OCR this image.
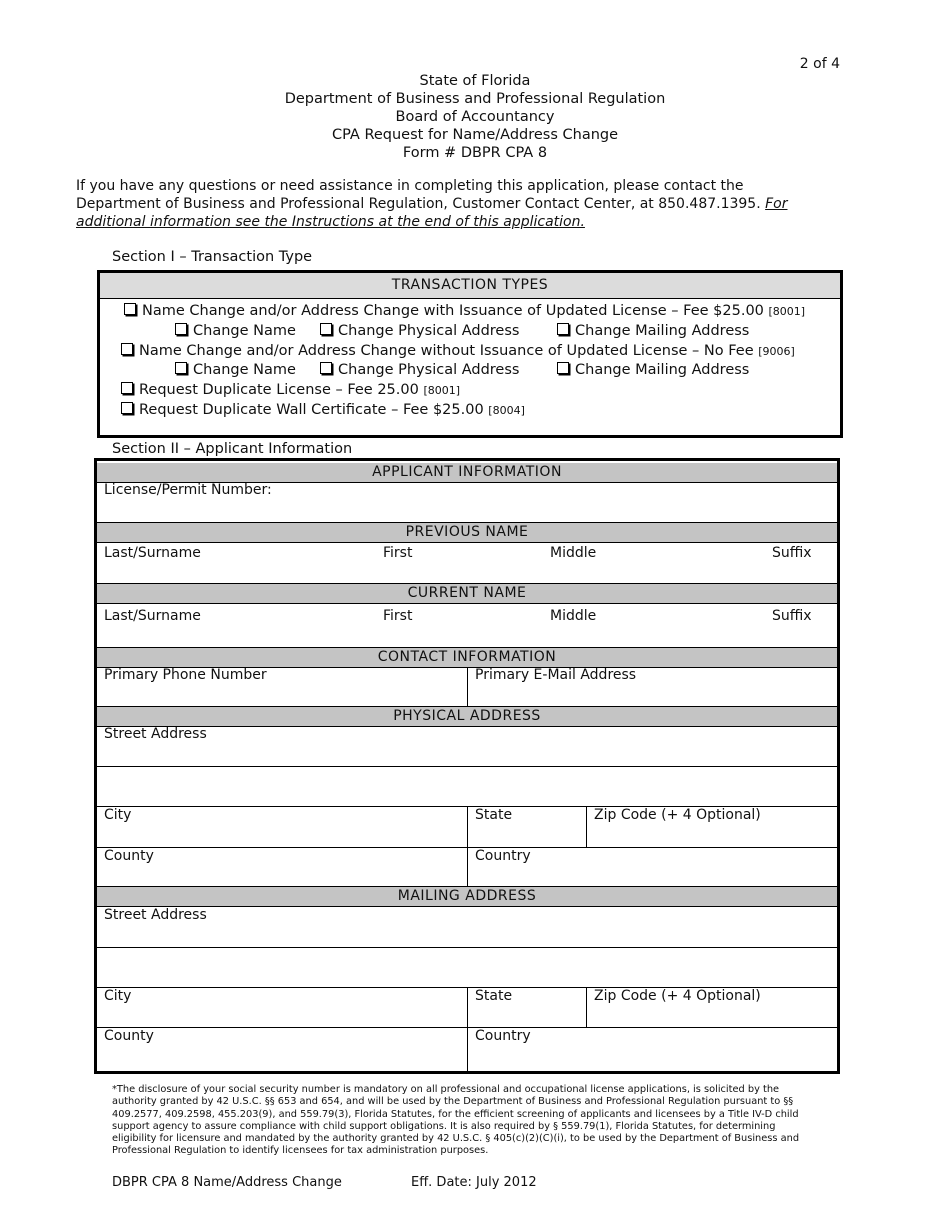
2 of 4
State of Florida
Department of Business and Professional Regulation
Board of Accountancy
CPA Request for Name/Address Change
Form # DBPR CPA 8
If you have any questions or need assistance in completing this application, please contact the Department of Business and Professional Regulation, Customer Contact Center, at 850.487.1395. For additional information see the Instructions at the end of this application.
Section I – Transaction Type
TRANSACTION TYPES
Name Change and/or Address Change with Issuance of Updated License – Fee $25.00 [8001]
Change Name	Change Physical Address	Change Mailing Address
Name Change and/or Address Change without Issuance of Updated License – No Fee [9006]
Change Name	Change Physical Address	Change Mailing Address
Request Duplicate License – Fee 25.00 [8001]
Request Duplicate Wall Certificate – Fee $25.00 [8004]
Section II – Applicant Information
APPLICANT INFORMATION
License/Permit Number:
PREVIOUS NAME
Last/Surname	First	Middle	Suffix
CURRENT NAME
Last/Surname	First	Middle	Suffix
CONTACT INFORMATION
Primary Phone Number	Primary E-Mail Address
PHYSICAL ADDRESS
Street Address
City	State	Zip Code (+ 4 Optional)
County	Country
MAILING ADDRESS
Street Address
City	State	Zip Code (+ 4 Optional)
County	Country
*The disclosure of your social security number is mandatory on all professional and occupational license applications, is solicited by the authority granted by 42 U.S.C. §§ 653 and 654, and will be used by the Department of Business and Professional Regulation pursuant to §§ 409.2577, 409.2598, 455.203(9), and 559.79(3), Florida Statutes, for the efficient screening of applicants and licensees by a Title IV-D child support agency to assure compliance with child support obligations. It is also required by § 559.79(1), Florida Statutes, for determining eligibility for licensure and mandated by the authority granted by 42 U.S.C. § 405(c)(2)(C)(i), to be used by the Department of Business and Professional Regulation to identify licensees for tax administration purposes.
DBPR CPA 8 Name/Address Change	Eff. Date: July 2012
